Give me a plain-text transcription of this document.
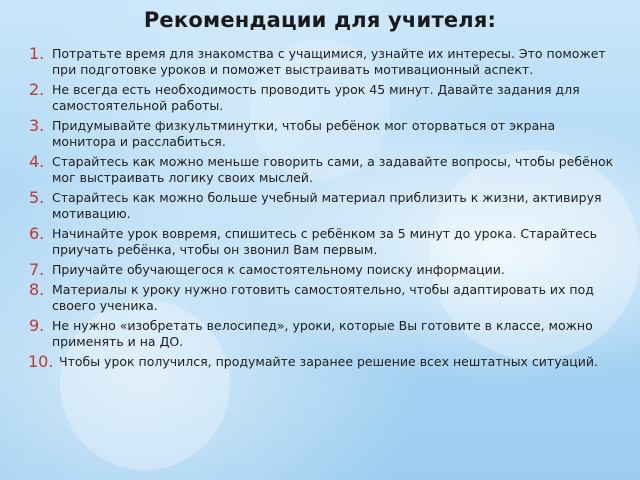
Рекомендации для учителя:
1. Потратьте время для знакомства с учащимися, узнайте их интересы. Это поможет при подготовке уроков и поможет выстраивать мотивационный аспект.
2. Не всегда есть необходимость проводить урок 45 минут. Давайте задания для самостоятельной работы.
3. Придумывайте физкультминутки, чтобы ребёнок мог оторваться от экрана монитора и расслабиться.
4. Старайтесь как можно меньше говорить сами, а задавайте вопросы, чтобы ребёнок мог выстраивать логику своих мыслей.
5. Старайтесь как можно больше учебный материал приблизить к жизни, активируя мотивацию.
6. Начинайте урок вовремя, спишитесь с ребёнком за 5 минут до урока. Старайтесь приучать ребёнка, чтобы он звонил Вам первым.
7. Приучайте обучающегося к самостоятельному поиску информации.
8. Материалы к уроку нужно готовить самостоятельно, чтобы адаптировать их под своего ученика.
9. Не нужно «изобретать велосипед», уроки, которые Вы готовите в классе, можно применять и на ДО.
10. Чтобы урок получился, продумайте заранее решение всех нештатных ситуаций.
